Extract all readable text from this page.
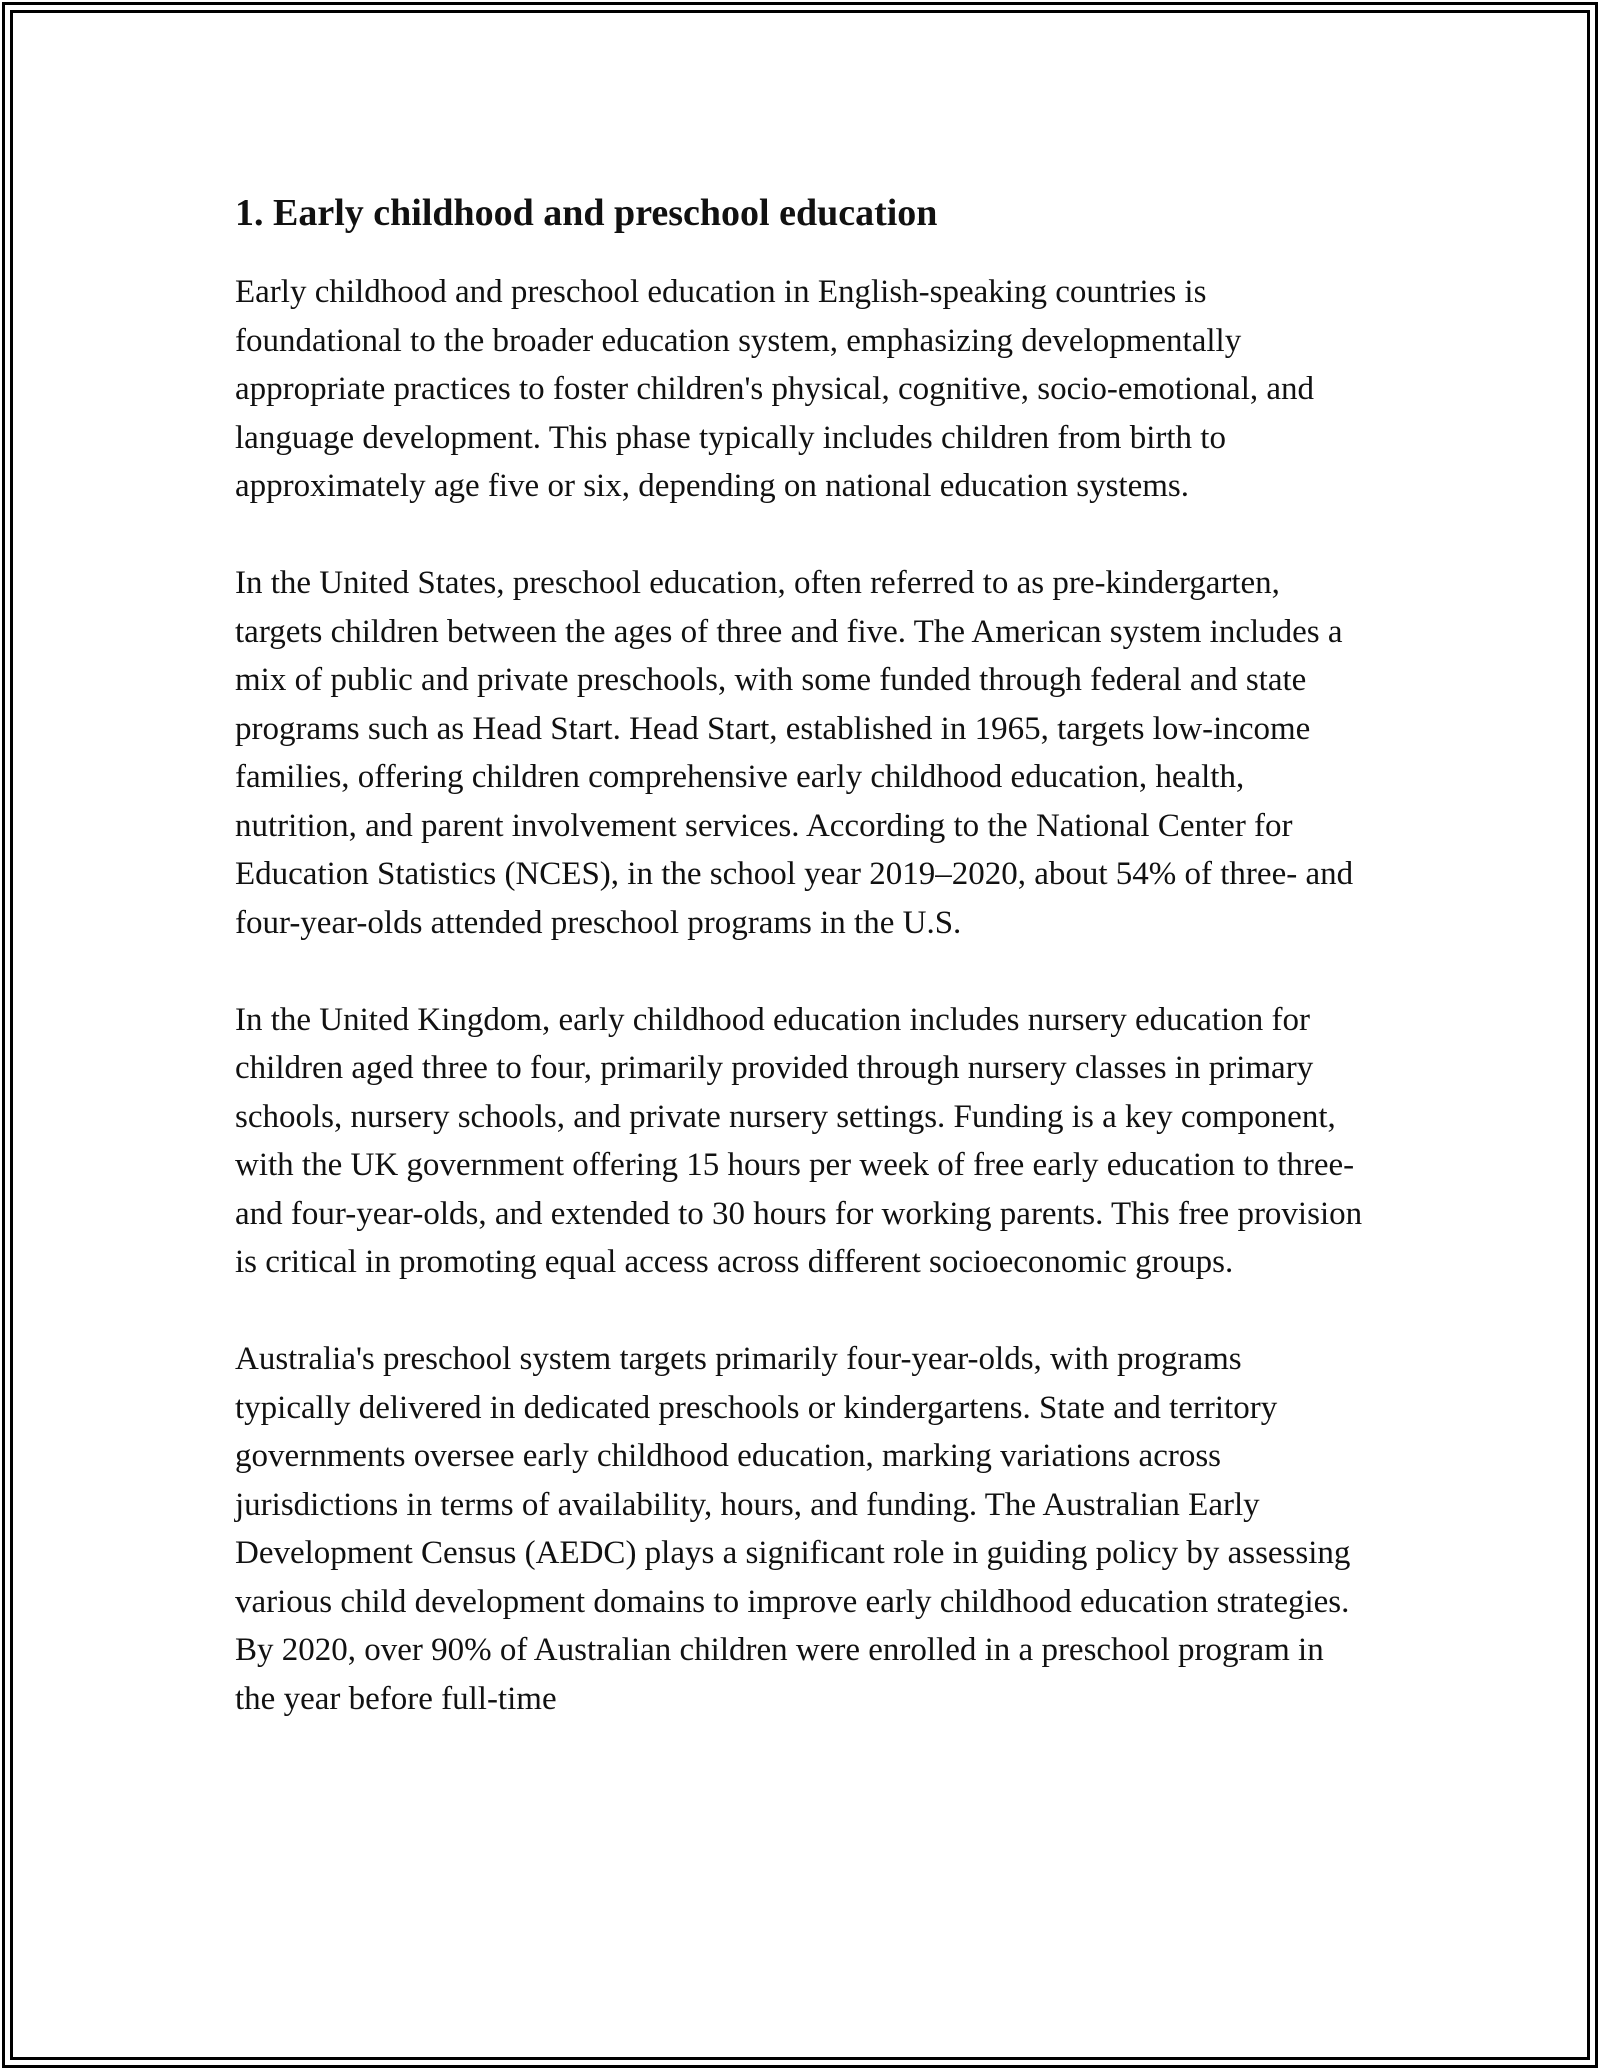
1. Early childhood and preschool education

Early childhood and preschool education in English-speaking countries is foundational to the broader education system, emphasizing developmentally appropriate practices to foster children's physical, cognitive, socio-emotional, and language development. This phase typically includes children from birth to approximately age five or six, depending on national education systems.

In the United States, preschool education, often referred to as pre-kindergarten, targets children between the ages of three and five. The American system includes a mix of public and private preschools, with some funded through federal and state programs such as Head Start. Head Start, established in 1965, targets low-income families, offering children comprehensive early childhood education, health, nutrition, and parent involvement services. According to the National Center for Education Statistics (NCES), in the school year 2019–2020, about 54% of three- and four-year-olds attended preschool programs in the U.S.

In the United Kingdom, early childhood education includes nursery education for children aged three to four, primarily provided through nursery classes in primary schools, nursery schools, and private nursery settings. Funding is a key component, with the UK government offering 15 hours per week of free early education to three- and four-year-olds, and extended to 30 hours for working parents. This free provision is critical in promoting equal access across different socioeconomic groups.

Australia's preschool system targets primarily four-year-olds, with programs typically delivered in dedicated preschools or kindergartens. State and territory governments oversee early childhood education, marking variations across jurisdictions in terms of availability, hours, and funding. The Australian Early Development Census (AEDC) plays a significant role in guiding policy by assessing various child development domains to improve early childhood education strategies. By 2020, over 90% of Australian children were enrolled in a preschool program in the year before full-time
